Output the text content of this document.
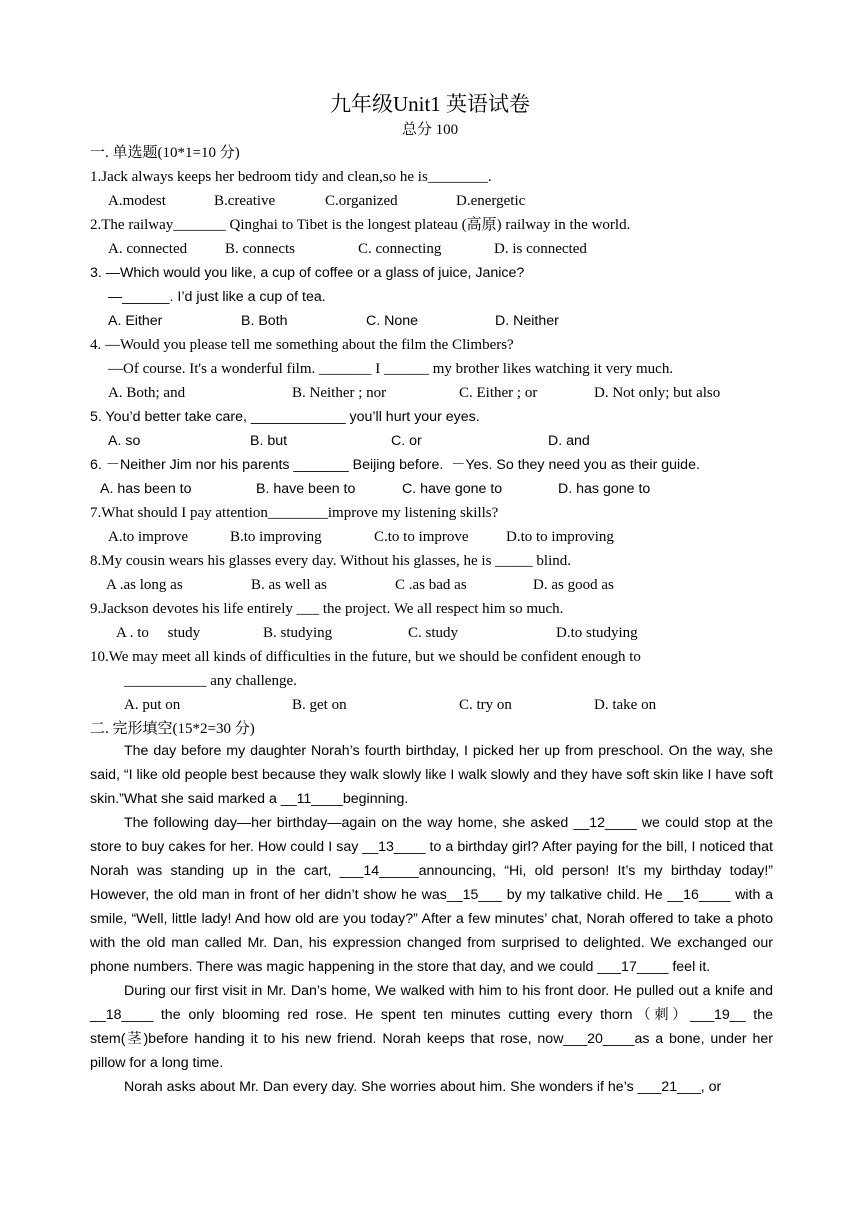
九年级Unit1 英语试卷
总分 100
一. 单选题(10*1=10 分)
1.Jack always keeps her bedroom tidy and clean,so he is________.
A.modest	B.creative	C.organized	D.energetic
2.The railway_______ Qinghai to Tibet is the longest plateau (高原) railway in the world.
A. connected	B. connects	C. connecting	D. is connected
3. —Which would you like, a cup of coffee or a glass of juice, Janice?
—______. I’d just like a cup of tea.
A. Either	B. Both	C. None	D. Neither
4. —Would you please tell me something about the film the Climbers?
—Of course. It's a wonderful film. _______ I ______ my brother likes watching it very much.
A. Both; and	B. Neither ; nor	C. Either ; or	D. Not only; but also
5. You’d better take care, ____________ you’ll hurt your eyes.
A. so	B. but	C. or	D. and
6. －Neither Jim nor his parents _______ Beijing before.  －Yes. So they need you as their guide.
A. has been to	B. have been to	C. have gone to	D. has gone to
7.What should I pay attention________improve my listening skills?
A.to improve	B.to improving	C.to to improve D.to to improving
8.My cousin wears his glasses every day. Without his glasses, he is _____ blind.
A .as long as	B. as well as	C .as bad as	D. as good as
9.Jackson devotes his life entirely ___ the project. We all respect him so much.
A . to     study	B. studying	C. study	D.to studying
10.We may meet all kinds of difficulties in the future, but we should be confident enough to
___________ any challenge.
A. put on	B. get on	C. try on	D. take on
二. 完形填空(15*2=30 分)

The day before my daughter Norah’s fourth birthday, I picked her up from preschool. On the way, she said, “I like old people best because they walk slowly like I walk slowly and they have soft skin like I have soft skin.”What she said marked a __11____beginning.

The following day—her birthday—again on the way home, she asked __12____ we could stop at the store to buy cakes for her. How could I say __13____ to a birthday girl? After paying for the bill, I noticed that Norah was standing up in the cart, ___14_____announcing, “Hi, old person! It’s my birthday today!” However, the old man in front of her didn’t show he was__15___ by my talkative child. He __16____ with a smile, “Well, little lady! And how old are you today?” After a few minutes’ chat, Norah offered to take a photo with the old man called Mr. Dan, his expression changed from surprised to delighted. We exchanged our phone numbers. There was magic happening in the store that day, and we could ___17____ feel it.

During our first visit in Mr. Dan’s home, We walked with him to his front door. He pulled out a knife and __18____ the only blooming red rose. He spent ten minutes cutting every thorn（刺）___19__ the stem(茎)before handing it to his new friend. Norah keeps that rose, now___20____as a bone, under her pillow for a long time.

Norah asks about Mr. Dan every day. She worries about him. She wonders if he’s ___21___, or
